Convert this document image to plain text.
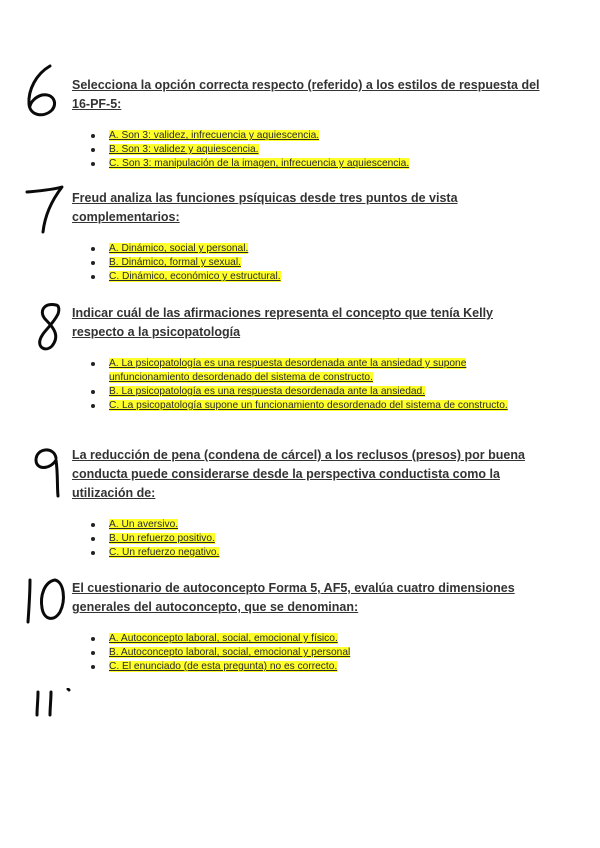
Selecciona la opción correcta respecto (referido) a los estilos de respuesta del 16-PF-5:

A. Son 3: validez, infrecuencia y aquiescencia.
B. Son 3: validez y aquiescencia.
C. Son 3: manipulación de la imagen, infrecuencia y aquiescencia.

Freud analiza las funciones psíquicas desde tres puntos de vista complementarios:

A. Dinámico, social y personal.
B. Dinámico, formal y sexual.
C. Dinámico, económico y estructural.

Indicar cuál de las afirmaciones representa el concepto que tenía Kelly respecto a la psicopatología

A. La psicopatología es una respuesta desordenada ante la ansiedad y supone unfuncionamiento desordenado del sistema de constructo.
B. La psicopatología es una respuesta desordenada ante la ansiedad.
C. La psicopatología supone un funcionamiento desordenado del sistema de constructo.

La reducción de pena (condena de cárcel) a los reclusos (presos) por buena conducta puede considerarse desde la perspectiva conductista como la utilización de:

A. Un aversivo.
B. Un refuerzo positivo.
C. Un refuerzo negativo.

El cuestionario de autoconcepto Forma 5, AF5, evalúa cuatro dimensiones generales del autoconcepto, que se denominan:

A. Autoconcepto laboral, social, emocional y físico.
B. Autoconcepto laboral, social, emocional y personal
C. El enunciado (de esta pregunta) no es correcto.
